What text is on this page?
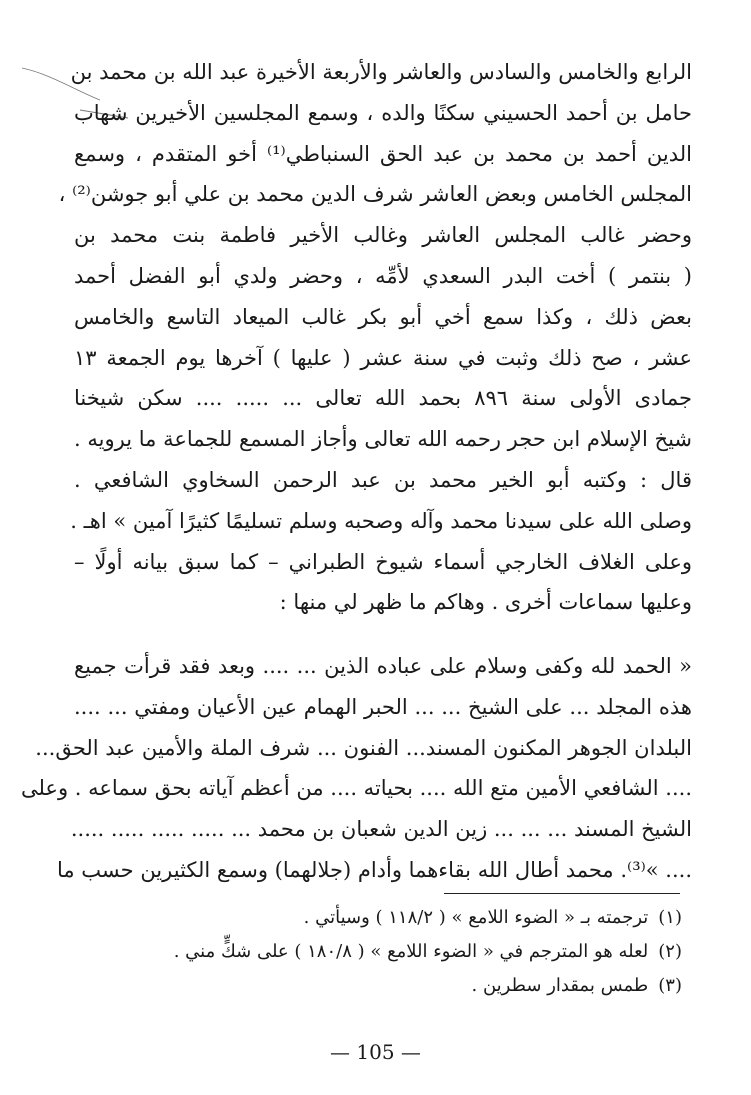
الرابع والخامس والسادس والعاشر والأربعة الأخيرة عبد الله بن محمد بن
حامل بن أحمد الحسيني سكنًا والده ، وسمع المجلسين الأخيرين شهاب
الدين أحمد بن محمد بن عبد الحق السنباطي⁽¹⁾ أخو المتقدم ، وسمع
المجلس الخامس وبعض العاشر شرف الدين محمد بن علي أبو جوشن⁽²⁾ ،
وحضر غالب المجلس العاشر وغالب الأخير فاطمة بنت محمد بن
( بنتمر ) أخت البدر السعدي لأمِّه ، وحضر ولدي أبو الفضل أحمد
بعض ذلك ، وكذا سمع أخي أبو بكر غالب الميعاد التاسع والخامس
عشر ، صح ذلك وثبت في سنة عشر ( عليها ) آخرها يوم الجمعة ١٣
جمادى الأولى سنة ٨٩٦ بحمد الله تعالى ... ..... .... سكن شيخنا
شيخ الإسلام ابن حجر رحمه الله تعالى وأجاز المسمع للجماعة ما يرويه .
قال : وكتبه أبو الخير محمد بن عبد الرحمن السخاوي الشافعي .
وصلى الله على سيدنا محمد وآله وصحبه وسلم تسليمًا كثيرًا آمين » اهـ .
وعلى الغلاف الخارجي أسماء شيوخ الطبراني – كما سبق بيانه أولًا –
وعليها سماعات أخرى . وهاكم ما ظهر لي منها :
« الحمد لله وكفى وسلام على عباده الذين ... .... وبعد فقد قرأت جميع
هذه المجلد ... على الشيخ ... ... الحبر الهمام عين الأعيان ومفتي ... ....
البلدان الجوهر المكنون المسند... الفنون ... شرف الملة والأمين عبد الحق...
.... الشافعي الأمين متع الله .... بحياته .... من أعظم آياته بحق سماعه . وعلى
الشيخ المسند ... ... ... زين الدين شعبان بن محمد ... ..... ..... ..... .....
.... »⁽³⁾. محمد أطال الله بقاءهما وأدام (جلالهما) وسمع الكثيرين حسب ما
(١)ترجمته بـ « الضوء اللامع » ( ١١٨/٢ ) وسيأتي .
(٢)لعله هو المترجم في « الضوء اللامع » ( ١٨٠/٨ ) على شكٍّ مني .
(٣)طمس بمقدار سطرين .
— 105 —
